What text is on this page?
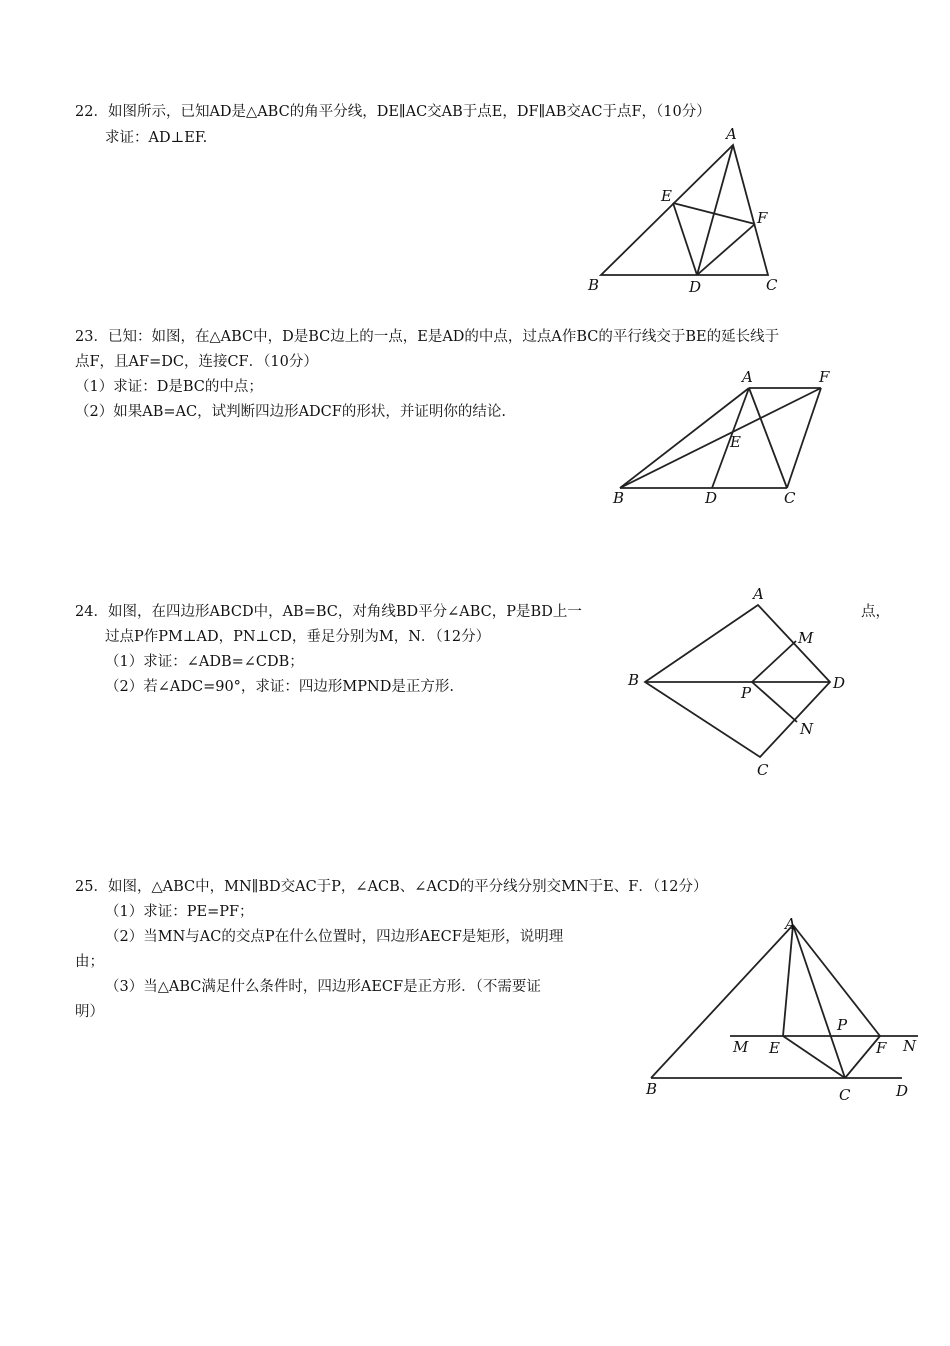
22．如图所示，已知AD是△ABC的角平分线，DE∥AC交AB于点E，DF∥AB交AC于点F，（10分）
求证：AD⊥EF.	A
B	C
D
E
F
23．已知：如图，在△ABC中，D是BC边上的一点，E是AD的中点，过点A作BC的平行线交于BE的延长线于
点F，且AF=DC，连接CF．（10分）
（1）求证：D是BC的中点；
（2）如果AB=AC，试判断四边形ADCF的形状，并证明你的结论.
A	F
E
B	D	C
24．如图，在四边形ABCD中，AB=BC，对角线BD平分∠ABC，P是BD上一	点，
过点P作PM⊥AD，PN⊥CD，垂足分别为M，N．（12分）
（1）求证：∠ADB=∠CDB；
（2）若∠ADC=90°，求证：四边形MPND是正方形.
A
B
C
D
P
M
N
25．如图，△ABC中，MN∥BD交AC于P，∠ACB、∠ACD的平分线分别交MN于E、F．（12分）
（1）求证：PE=PF；
（2）当MN与AC的交点P在什么位置时，四边形AECF是矩形，说明理
由；
（3）当△ABC满足什么条件时，四边形AECF是正方形．（不需要证
明）
A
B	C	D
E	F
P
M	N
